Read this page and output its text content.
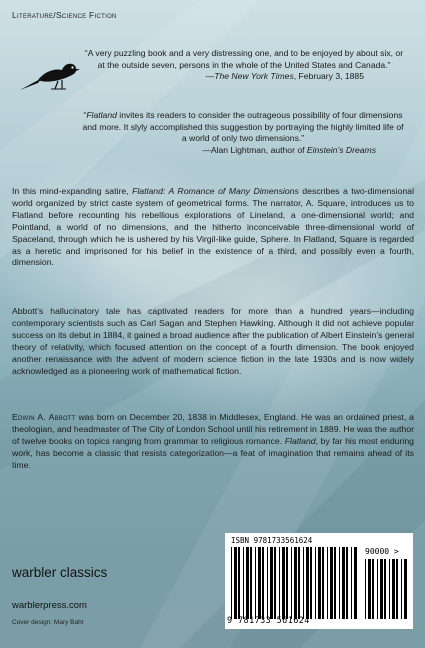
Literature/Science Fiction
“A very puzzling book and a very distressing one, and to be enjoyed by about six, or at the outside seven, persons in the whole of the United States and Canada.”
—The New York Times, February 3, 1885
“Flatland invites its readers to consider the outrageous possibility of four dimensions and more. It slyly accomplished this suggestion by portraying the highly limited life of a world of only two dimensions.”
—Alan Lightman, author of Einstein’s Dreams
In this mind-expanding satire, Flatland: A Romance of Many Dimensions describes a two-dimensional world organized by strict caste system of geometrical forms. The narrator, A. Square, introduces us to Flatland before recounting his rebellious explorations of Lineland, a one-dimensional world; and Pointland, a world of no dimensions, and the hitherto inconceivable three-dimensional world of Spaceland, through which he is ushered by his Virgil-like guide, Sphere. In Flatland, Square is regarded as a heretic and imprisoned for his belief in the existence of a third, and possibly even a fourth, dimension.
Abbott’s hallucinatory tale has captivated readers for more than a hundred years—including contemporary scientists such as Carl Sagan and Stephen Hawking. Although it did not achieve popular success on its debut in 1884, it gained a broad audience after the publication of Albert Einstein’s general theory of relativity, which focused attention on the concept of a fourth dimension. The book enjoyed another renaissance with the advent of modern science fiction in the late 1930s and is now widely acknowledged as a pioneering work of mathematical fiction.
Edwin A. Abbott was born on December 20, 1838 in Middlesex, England. He was an ordained priest, a theologian, and headmaster of The City of London School until his retirement in 1889. He was the author of twelve books on topics ranging from grammar to religious romance. Flatland, by far his most enduring work, has become a classic that resists categorization—a feat of imagination that remains ahead of its time.
warbler classics
warblerpress.com
Cover design: Mary Bahr
ISBN 9781733561624
90000 >
9 781733 561624
